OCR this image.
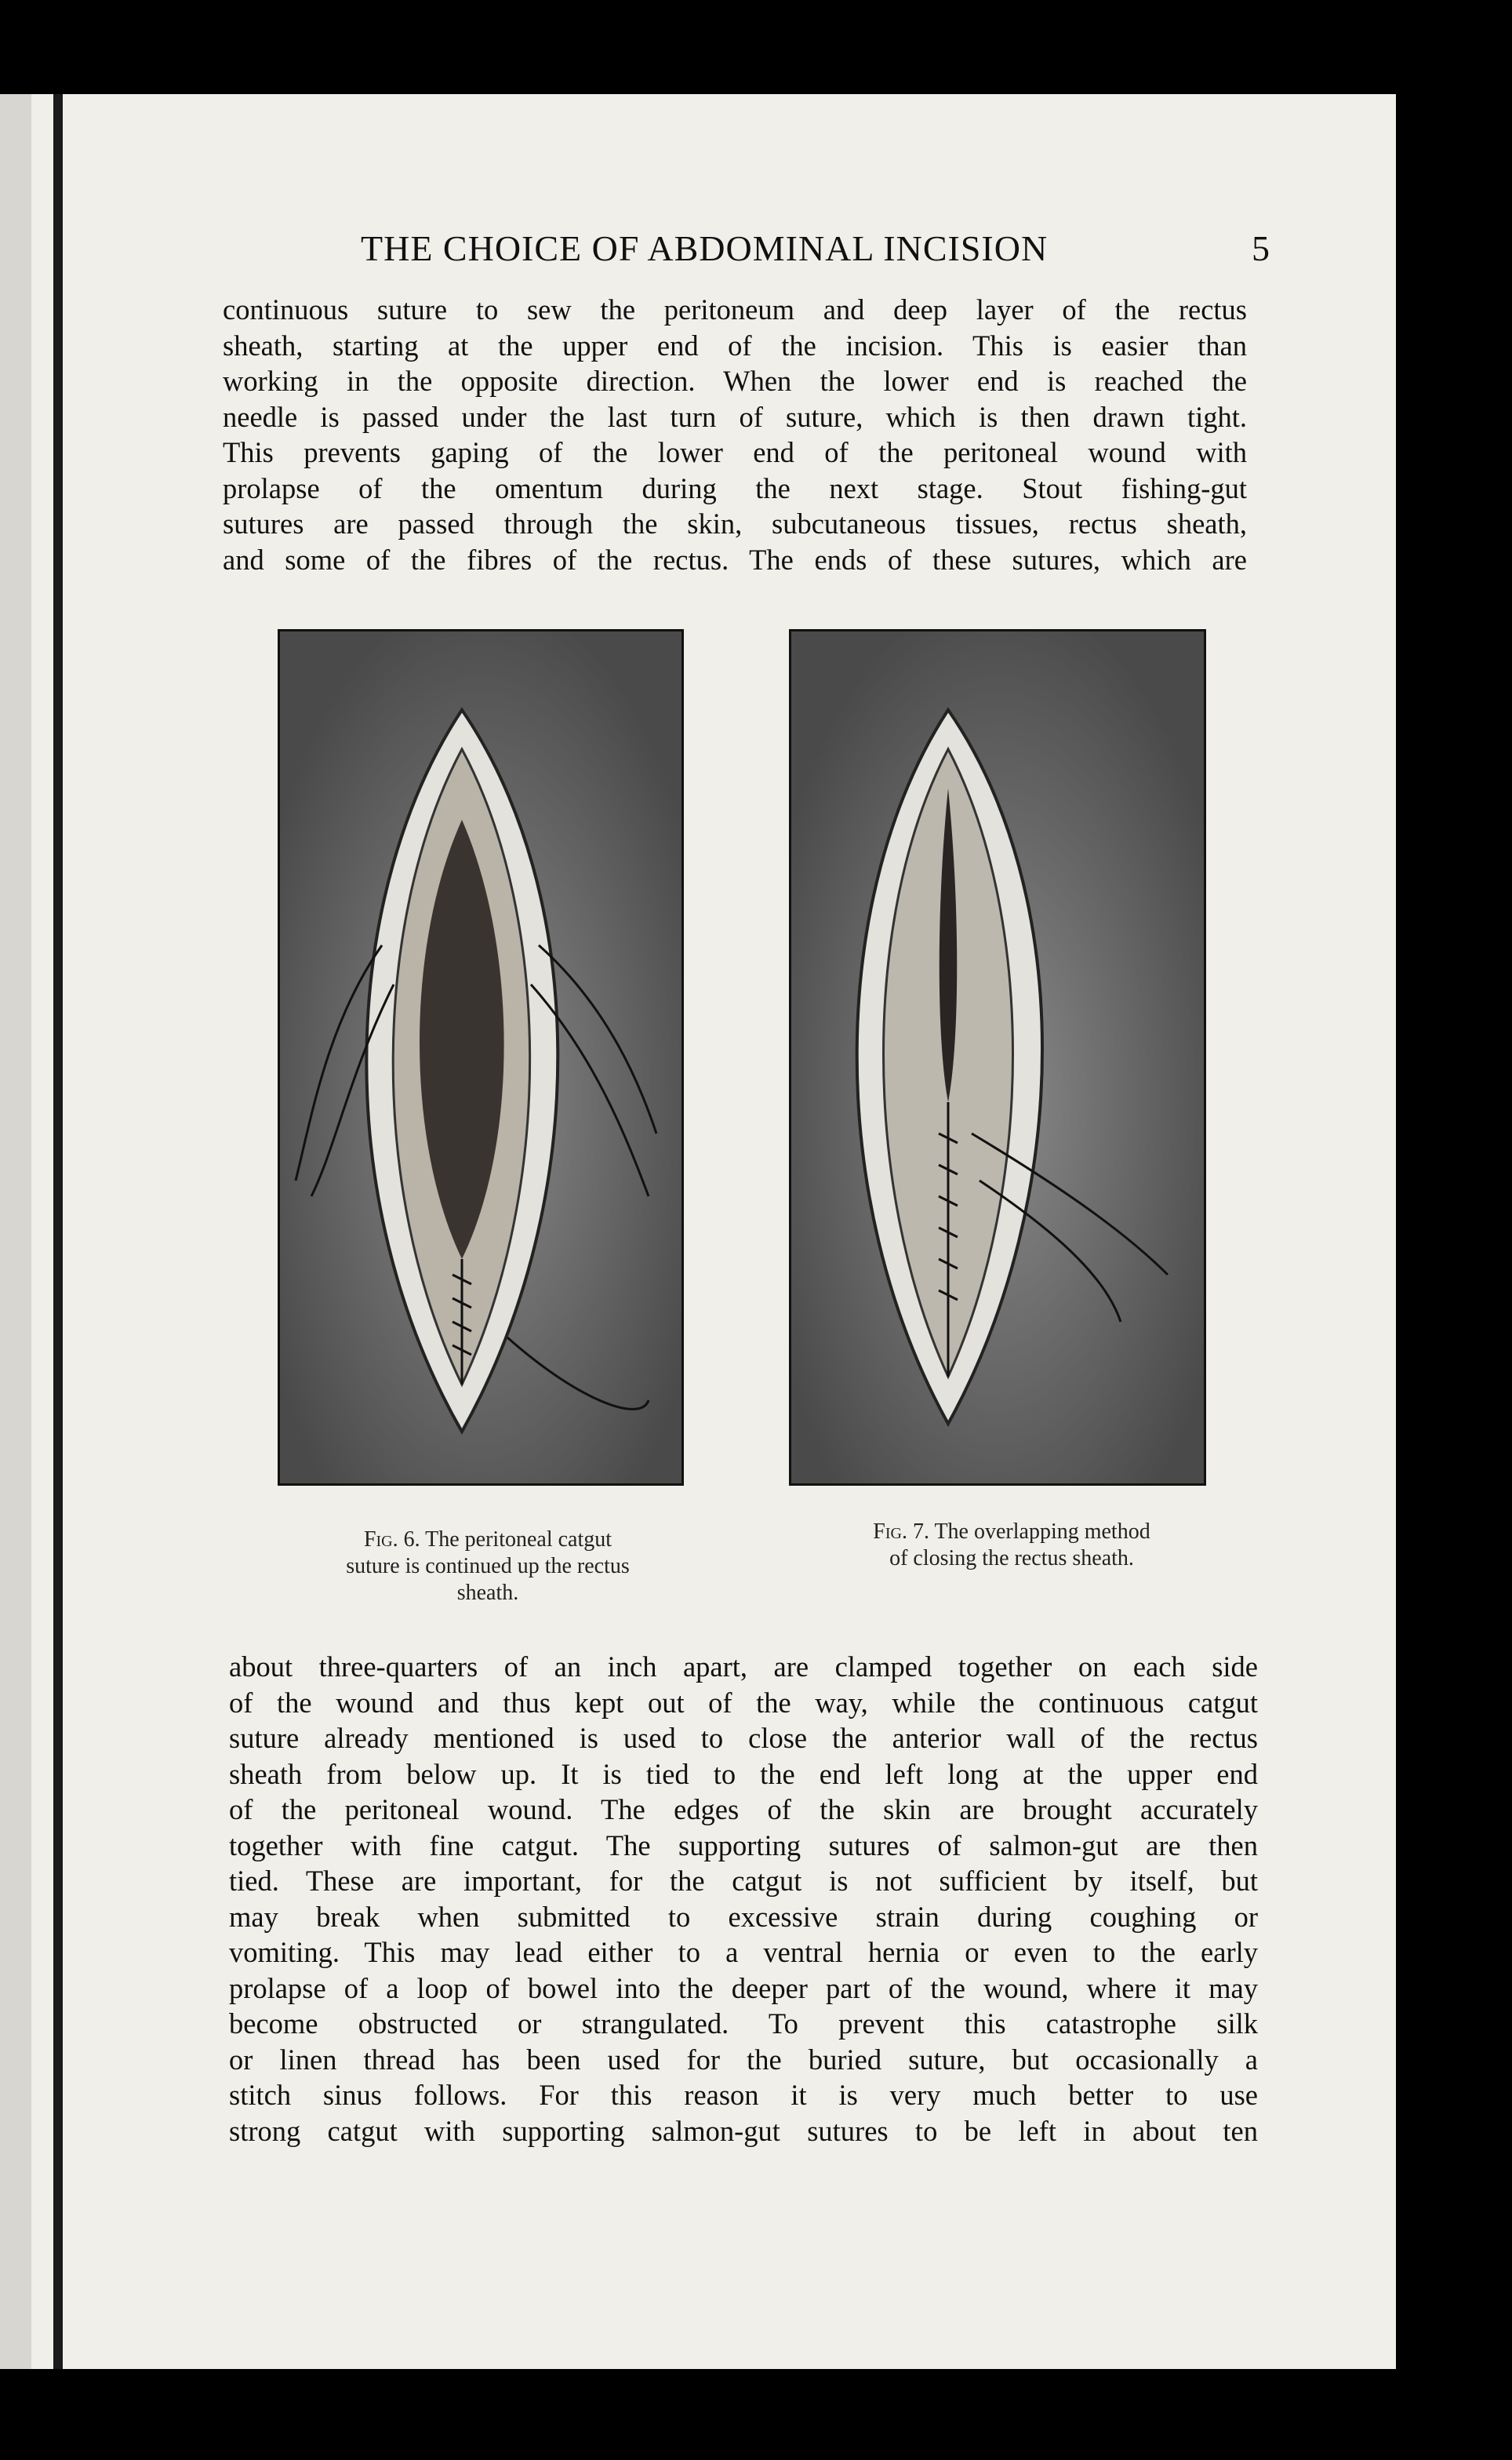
THE CHOICE OF ABDOMINAL INCISION	5

continuous suture to sew the peritoneum and deep layer of the rectus
sheath, starting at the upper end of the incision. This is easier than
working in the opposite direction. When the lower end is reached the
needle is passed under the last turn of suture, which is then drawn tight.
This prevents gaping of the lower end of the peritoneal wound with
prolapse of the omentum during the next stage. Stout fishing-gut
sutures are passed through the skin, subcutaneous tissues, rectus sheath,
and some of the fibres of the rectus. The ends of these sutures, which are

Fig. 6. The peritoneal catgut
suture is continued up the rectus
sheath.
Fig. 7. The overlapping method
of closing the rectus sheath.

about three-quarters of an inch apart, are clamped together on each side
of the wound and thus kept out of the way, while the continuous catgut
suture already mentioned is used to close the anterior wall of the rectus
sheath from below up. It is tied to the end left long at the upper end
of the peritoneal wound. The edges of the skin are brought accurately
together with fine catgut. The supporting sutures of salmon-gut are then
tied. These are important, for the catgut is not sufficient by itself, but
may break when submitted to excessive strain during coughing or
vomiting. This may lead either to a ventral hernia or even to the early
prolapse of a loop of bowel into the deeper part of the wound, where it may
become obstructed or strangulated. To prevent this catastrophe silk
or linen thread has been used for the buried suture, but occasionally a
stitch sinus follows. For this reason it is very much better to use
strong catgut with supporting salmon-gut sutures to be left in about ten
